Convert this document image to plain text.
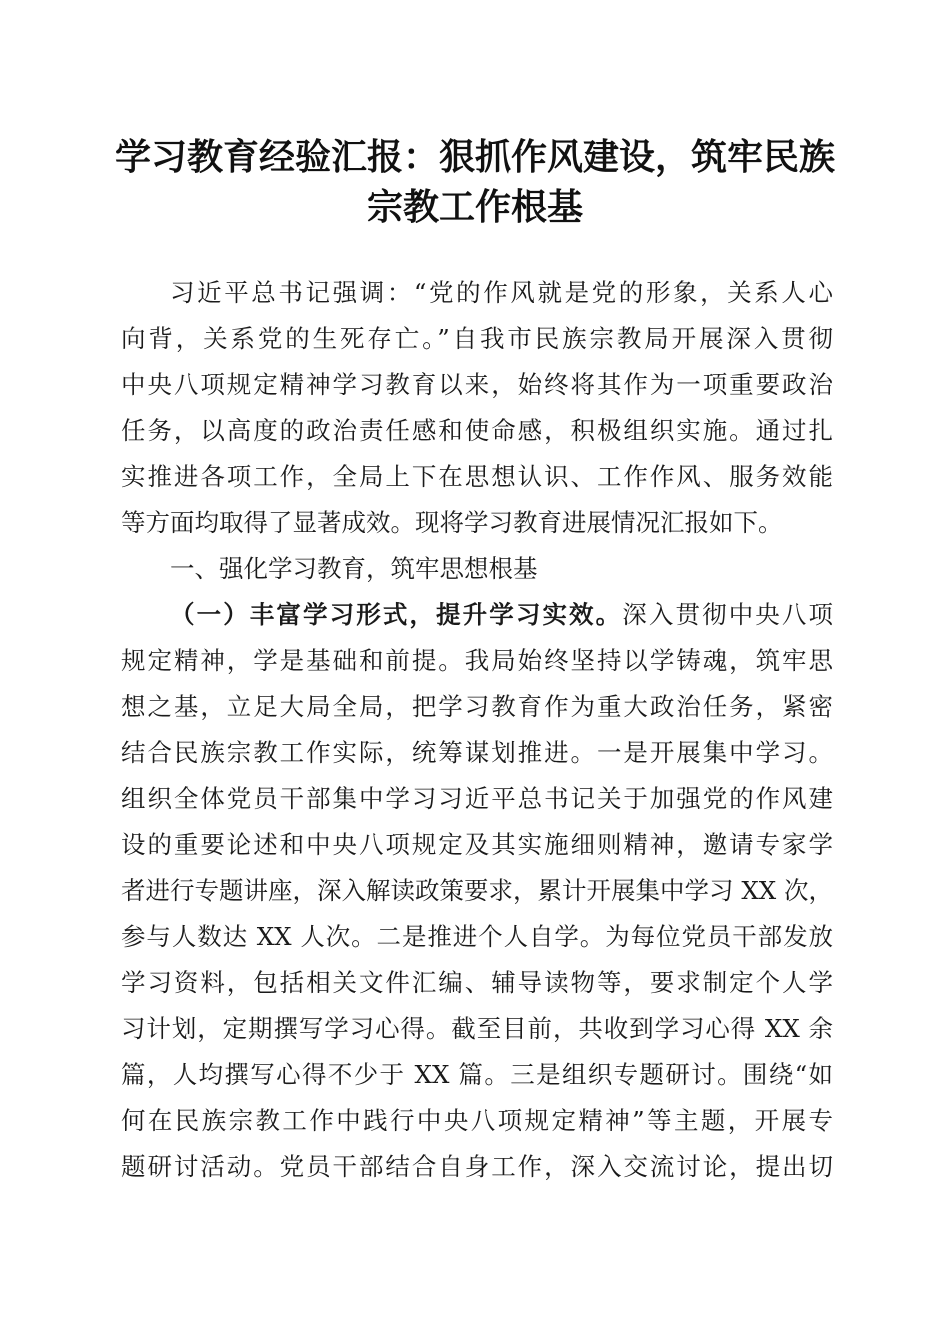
学习教育经验汇报：狠抓作风建设，筑牢民族
宗教工作根基
习近平总书记强调：“党的作风就是党的形象，关系人心
向背，关系党的生死存亡。”自我市民族宗教局开展深入贯彻
中央八项规定精神学习教育以来，始终将其作为一项重要政治
任务，以高度的政治责任感和使命感，积极组织实施。通过扎
实推进各项工作，全局上下在思想认识、工作作风、服务效能
等方面均取得了显著成效。现将学习教育进展情况汇报如下。
一、强化学习教育，筑牢思想根基
（一）丰富学习形式，提升学习实效。深入贯彻中央八项
规定精神，学是基础和前提。我局始终坚持以学铸魂，筑牢思
想之基，立足大局全局，把学习教育作为重大政治任务，紧密
结合民族宗教工作实际，统筹谋划推进。一是开展集中学习。
组织全体党员干部集中学习习近平总书记关于加强党的作风建
设的重要论述和中央八项规定及其实施细则精神，邀请专家学
者进行专题讲座，深入解读政策要求，累计开展集中学习 XX 次，
参与人数达 XX 人次。二是推进个人自学。为每位党员干部发放
学习资料，包括相关文件汇编、辅导读物等，要求制定个人学
习计划，定期撰写学习心得。截至目前，共收到学习心得 XX 余
篇，人均撰写心得不少于 XX 篇。三是组织专题研讨。围绕“如
何在民族宗教工作中践行中央八项规定精神”等主题，开展专
题研讨活动。党员干部结合自身工作，深入交流讨论，提出切
